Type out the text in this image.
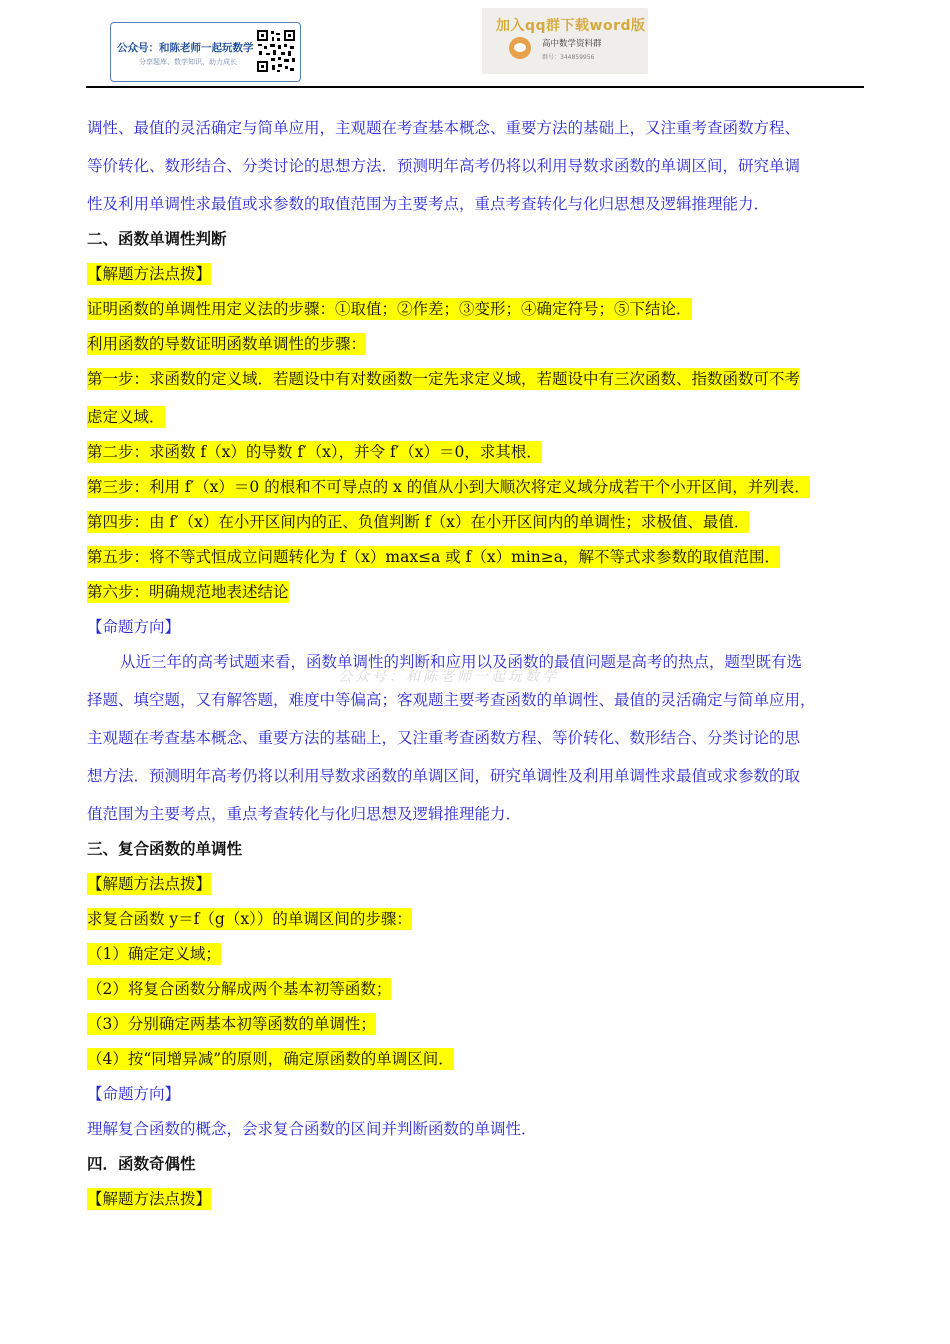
公众号：和陈老师一起玩数学
分享题库、数学知识、助力成长
加入qq群下载word版
高中数学资料群
群号：344859956
公众号：和陈老师一起玩数学
调性、最值的灵活确定与简单应用，主观题在考查基本概念、重要方法的基础上，又注重考查函数方程、
等价转化、数形结合、分类讨论的思想方法．预测明年高考仍将以利用导数求函数的单调区间，研究单调
性及利用单调性求最值或求参数的取值范围为主要考点，重点考查转化与化归思想及逻辑推理能力．
二、函数单调性判断
【解题方法点拨】
证明函数的单调性用定义法的步骤：①取值；②作差；③变形；④确定符号；⑤下结论．
利用函数的导数证明函数单调性的步骤：
第一步：求函数的定义域．若题设中有对数函数一定先求定义域，若题设中有三次函数、指数函数可不考
虑定义域．
第二步：求函数 f（x）的导数 f′（x），并令 f′（x）＝0，求其根．
第三步：利用 f′（x）＝0 的根和不可导点的 x 的值从小到大顺次将定义域分成若干个小开区间，并列表．
第四步：由 f′（x）在小开区间内的正、负值判断 f（x）在小开区间内的单调性；求极值、最值．
第五步：将不等式恒成立问题转化为 f（x）max≤a 或 f（x）min≥a，解不等式求参数的取值范围．
第六步：明确规范地表述结论
【命题方向】
从近三年的高考试题来看，函数单调性的判断和应用以及函数的最值问题是高考的热点，题型既有选
择题、填空题，又有解答题，难度中等偏高；客观题主要考查函数的单调性、最值的灵活确定与简单应用，
主观题在考查基本概念、重要方法的基础上，又注重考查函数方程、等价转化、数形结合、分类讨论的思
想方法．预测明年高考仍将以利用导数求函数的单调区间，研究单调性及利用单调性求最值或求参数的取
值范围为主要考点，重点考查转化与化归思想及逻辑推理能力．
三、复合函数的单调性
【解题方法点拨】
求复合函数 y＝f（g（x））的单调区间的步骤：
（1）确定定义域；
（2）将复合函数分解成两个基本初等函数；
（3）分别确定两基本初等函数的单调性；
（4）按“同增异减”的原则，确定原函数的单调区间．
【命题方向】
理解复合函数的概念，会求复合函数的区间并判断函数的单调性．
四．函数奇偶性
【解题方法点拨】
